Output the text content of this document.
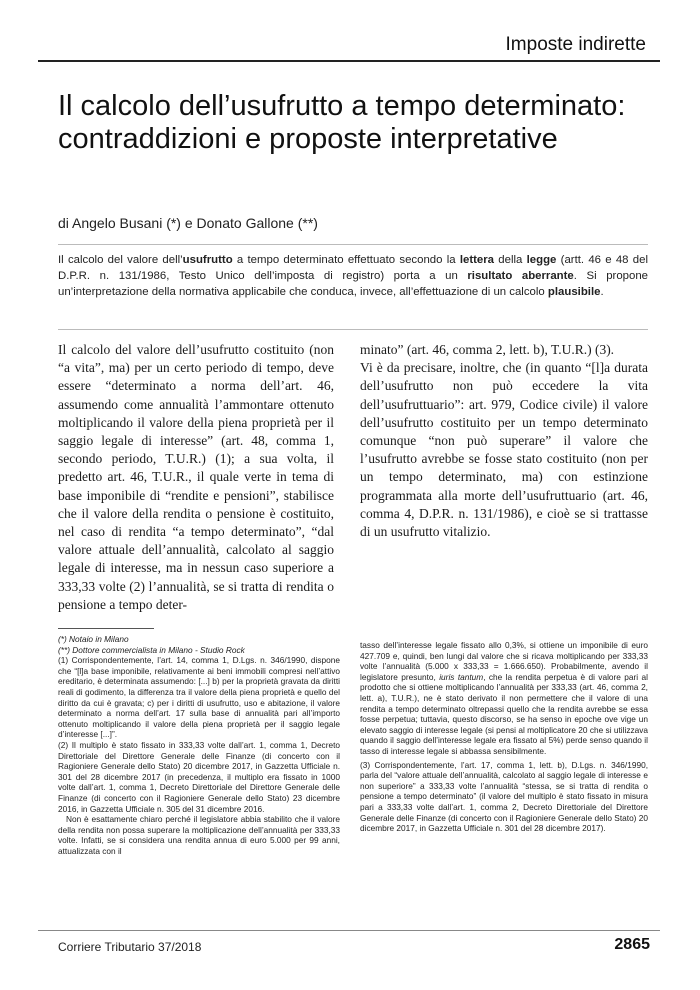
Imposte indirette
Il calcolo dell’usufrutto a tempo determinato: contraddizioni e proposte interpretative
di Angelo Busani (*) e Donato Gallone (**)

Il calcolo del valore dell’usufrutto a tempo determinato effettuato secondo la lettera della legge (artt. 46 e 48 del D.P.R. n. 131/1986, Testo Unico dell’imposta di registro) porta a un risultato aberrante. Si propone un’interpretazione della normativa applicabile che conduca, invece, all’effettuazione di un calcolo plausibile.

Il calcolo del valore dell’usufrutto costituito (non “a vita”, ma) per un certo periodo di tempo, deve essere “determinato a norma dell’art. 46, assumendo come annualità l’ammontare ottenuto moltiplicando il valore della piena proprietà per il saggio legale di interesse” (art. 48, comma 1, secondo periodo, T.U.R.) (1); a sua volta, il predetto art. 46, T.U.R., il quale verte in tema di base imponibile di “rendite e pensioni”, stabilisce che il valore della rendita o pensione è costituito, nel caso di rendita “a tempo determinato”, “dal valore attuale dell’annualità, calcolato al saggio legale di interesse, ma in nessun caso superiore a 333,33 volte (2) l’annualità, se si tratta di rendita o pensione a tempo deter-

minato” (art. 46, comma 2, lett. b), T.U.R.) (3).

Vi è da precisare, inoltre, che (in quanto “[l]a durata dell’usufrutto non può eccedere la vita dell’usufruttuario”: art. 979, Codice civile) il valore dell’usufrutto costituito per un tempo determinato comunque “non può superare” il valore che l’usufrutto avrebbe se fosse stato costituito (non per un tempo determinato, ma) con estinzione programmata alla morte dell’usufruttuario (art. 46, comma 4, D.P.R. n. 131/1986), e cioè se si trattasse di un usufrutto vitalizio.

(*) Notaio in Milano

(**) Dottore commercialista in Milano - Studio Rock

(1) Corrispondentemente, l’art. 14, comma 1, D.Lgs. n. 346/1990, dispone che “[l]a base imponibile, relativamente ai beni immobili compresi nell’attivo ereditario, è determinata assumendo: [...] b) per la proprietà gravata da diritti reali di godimento, la differenza tra il valore della piena proprietà e quello del diritto da cui è gravata; c) per i diritti di usufrutto, uso e abitazione, il valore determinato a norma dell’art. 17 sulla base di annualità pari all’importo ottenuto moltiplicando il valore della piena proprietà per il saggio legale d’interesse [...]”.

(2) Il multiplo è stato fissato in 333,33 volte dall’art. 1, comma 1, Decreto Direttoriale del Direttore Generale delle Finanze (di concerto con il Ragioniere Generale dello Stato) 20 dicembre 2017, in Gazzetta Ufficiale n. 301 del 28 dicembre 2017 (in precedenza, il multiplo era fissato in 1000 volte dall’art. 1, comma 1, Decreto Direttoriale del Direttore Generale delle Finanze (di concerto con il Ragioniere Generale dello Stato) 23 dicembre 2016, in Gazzetta Ufficiale n. 305 del 31 dicembre 2016.

Non è esattamente chiaro perché il legislatore abbia stabilito che il valore della rendita non possa superare la moltiplicazione dell’annualità per 333,33 volte. Infatti, se si considera una rendita annua di euro 5.000 per 99 anni, attualizzata con il

tasso dell’interesse legale fissato allo 0,3%, si ottiene un imponibile di euro 427.709 e, quindi, ben lungi dal valore che si ricava moltiplicando per 333,33 volte l’annualità (5.000 x 333,33 = 1.666.650). Probabilmente, avendo il legislatore presunto, iuris tantum, che la rendita perpetua è di valore pari al prodotto che si ottiene moltiplicando l’annualità per 333,33 (art. 46, comma 2, lett. a), T.U.R.), ne è stato derivato il non permettere che il valore di una rendita a tempo determinato oltrepassi quello che la rendita avrebbe se essa fosse perpetua; tuttavia, questo discorso, se ha senso in epoche ove vige un elevato saggio di interesse legale (si pensi al moltiplicatore 20 che si utilizzava quando il saggio dell’interesse legale era fissato al 5%) perde senso quando il tasso di interesse legale si abbassa sensibilmente.

(3) Corrispondentemente, l’art. 17, comma 1, lett. b), D.Lgs. n. 346/1990, parla del “valore attuale dell’annualità, calcolato al saggio legale di interesse e non superiore” a 333,33 volte l’annualità “stessa, se si tratta di rendita o pensione a tempo determinato” (il valore del multiplo è stato fissato in misura pari a 333,33 volte dall’art. 1, comma 2, Decreto Direttoriale del Direttore Generale delle Finanze (di concerto con il Ragioniere Generale dello Stato) 20 dicembre 2017, in Gazzetta Ufficiale n. 301 del 28 dicembre 2017).

Corriere Tributario 37/2018	2865
